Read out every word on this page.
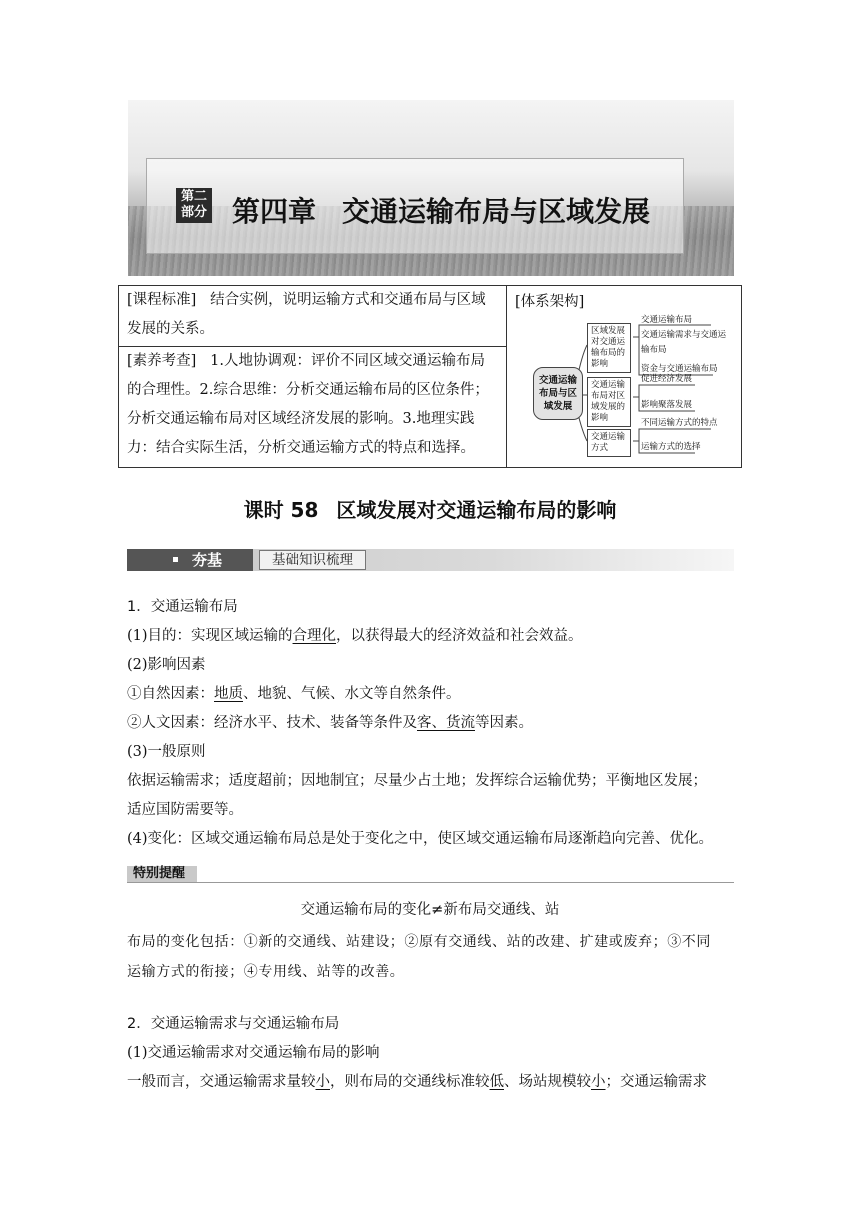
第二
部分 第四章 交通运输布局与区域发展
[课程标准] 结合实例，说明运输方式和交通布局与区域发展的关系。	
[体系架构]
交通运输布局与区域发展
区域发展对交通运输布局的影响
交通运输布局对区域发展的影响
交通运输方式
交通运输布局
交通运输需求与交通运
输布局
资金与交通运输布局
促进经济发展
影响聚落发展
不同运输方式的特点
运输方式的选择

[素养考查] 1.人地协调观：评价不同区域交通运输布局的合理性。2.综合思维：分析交通运输布局的区位条件；分析交通运输布局对区域经济发展的影响。3.地理实践力：结合实际生活，分析交通运输方式的特点和选择。
课时 58 区域发展对交通运输布局的影响
夯基	基础知识梳理
1．交通运输布局
(1)目的：实现区域运输的合理化，以获得最大的经济效益和社会效益。
(2)影响因素
①自然因素：地质、地貌、气候、水文等自然条件。
②人文因素：经济水平、技术、装备等条件及客、货流等因素。
(3)一般原则
依据运输需求；适度超前；因地制宜；尽量少占土地；发挥综合运输优势；平衡地区发展；
适应国防需要等。
(4)变化：区域交通运输布局总是处于变化之中，使区域交通运输布局逐渐趋向完善、优化。
特别提醒
交通运输布局的变化≠新布局交通线、站
布局的变化包括：①新的交通线、站建设；②原有交通线、站的改建、扩建或废弃；③不同
运输方式的衔接；④专用线、站等的改善。
2．交通运输需求与交通运输布局
(1)交通运输需求对交通运输布局的影响
一般而言，交通运输需求量较小，则布局的交通线标准较低、场站规模较小；交通运输需求
